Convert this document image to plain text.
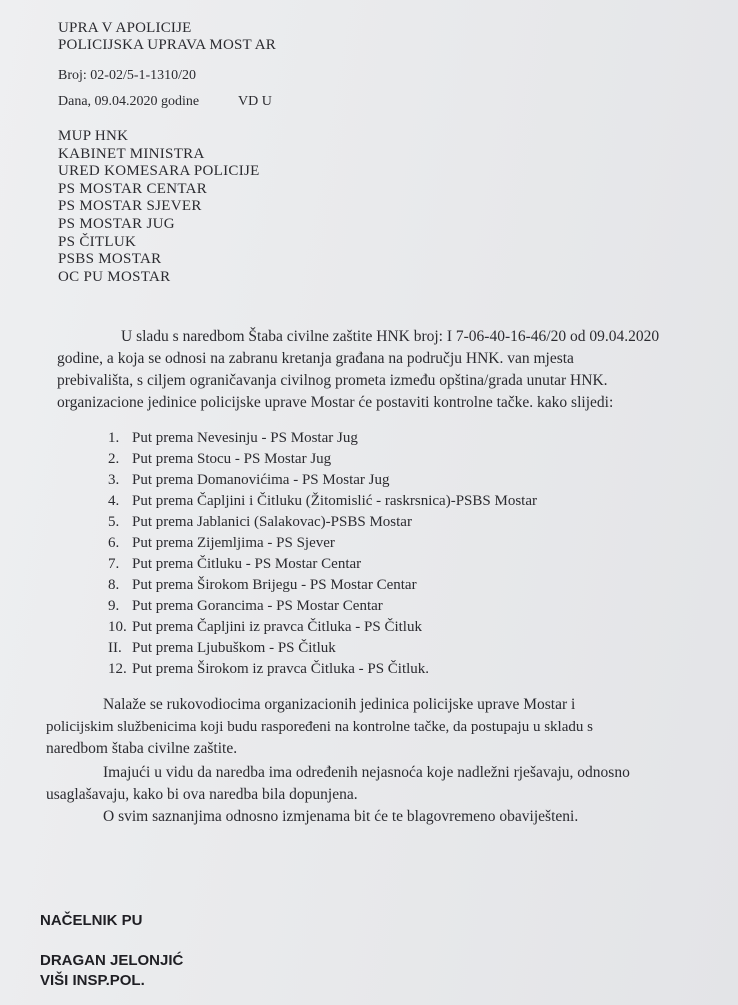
UPRA V APOLICIJE
POLICIJSKA UPRAVA MOST AR
Broj: 02-02/5-1-1310/20
Dana, 09.04.2020 godine	VD U
MUP HNK
KABINET MINISTRA
URED KOMESARA POLICIJE
PS MOSTAR CENTAR
PS MOSTAR SJEVER
PS MOSTAR JUG
PS ČITLUK
PSBS MOSTAR
OC PU MOSTAR
U sladu s naredbom Štaba civilne zaštite HNK broj: I 7-06-40-16-46/20 od 09.04.2020
godine, a koja se odnosi na zabranu kretanja građana na području HNK. van mjesta
prebivališta, s ciljem ograničavanja civilnog prometa između opština/grada unutar HNK.
organizacione jedinice policijske uprave Mostar će postaviti kontrolne tačke. kako slijedi:
1. Put prema Nevesinju - PS Mostar Jug
2. Put prema Stocu - PS Mostar Jug
3. Put prema Domanovićima - PS Mostar Jug
4. Put prema Čapljini i Čitluku (Žitomislić - raskrsnica)-PSBS Mostar
5. Put prema Jablanici (Salakovac)-PSBS Mostar
6. Put prema Zijemljima - PS Sjever
7. Put prema Čitluku - PS Mostar Centar
8. Put prema Širokom Brijegu - PS Mostar Centar
9. Put prema Gorancima - PS Mostar Centar
10. Put prema Čapljini iz pravca Čitluka - PS Čitluk
II. Put prema Ljubuškom - PS Čitluk
12. Put prema Širokom iz pravca Čitluka - PS Čitluk.
Nalaže se rukovodiocima organizacionih jedinica policijske uprave Mostar i
policijskim službenicima koji budu raspoređeni na kontrolne tačke, da postupaju u skladu s
naredbom štaba civilne zaštite.
Imajući u vidu da naredba ima određenih nejasnoća koje nadležni rješavaju, odnosno
usaglašavaju, kako bi ova naredba bila dopunjena.
O svim saznanjima odnosno izmjenama bit će te blagovremeno obaviješteni.
NAČELNIK PU
DRAGAN JELONJIĆ
VIŠI INSP.POL.
